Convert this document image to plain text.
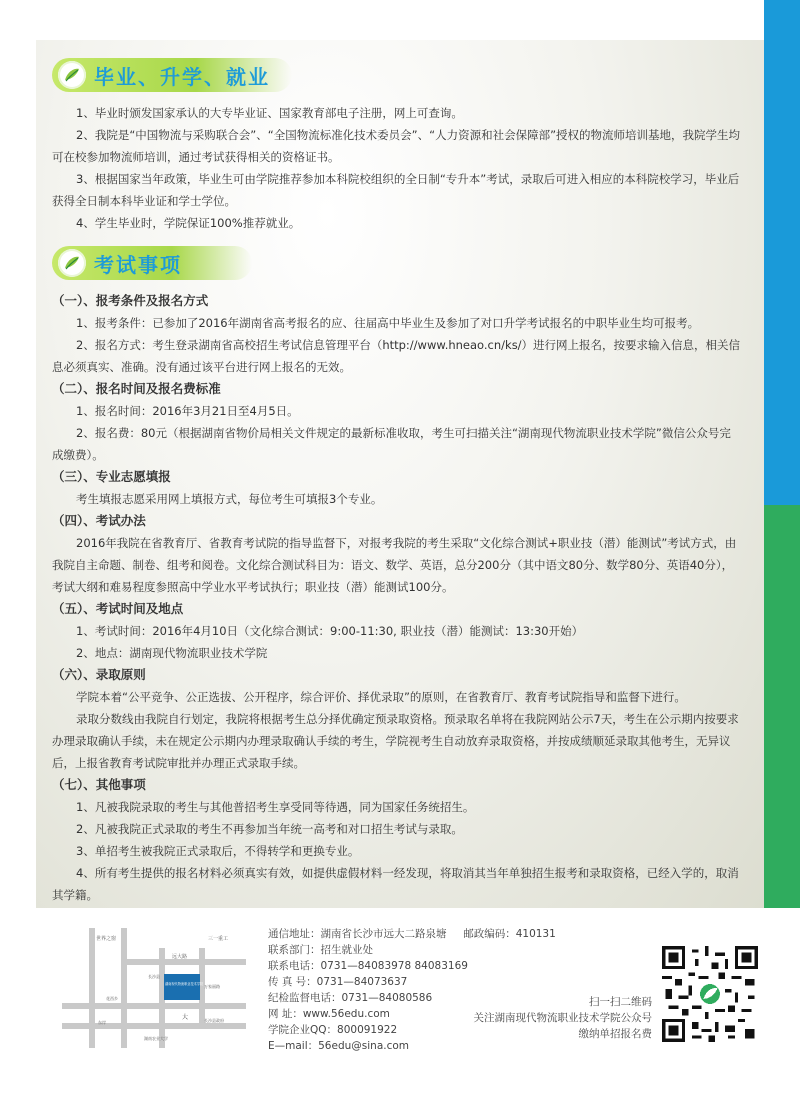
毕业、升学、就业

1、毕业时颁发国家承认的大专毕业证、国家教育部电子注册，网上可查询。

2、我院是“中国物流与采购联合会”、“全国物流标准化技术委员会”、“人力资源和社会保障部”授权的物流师培训基地，我院学生均可在校参加物流师培训，通过考试获得相关的资格证书。

3、根据国家当年政策，毕业生可由学院推荐参加本科院校组织的全日制“专升本”考试，录取后可进入相应的本科院校学习，毕业后获得全日制本科毕业证和学士学位。

4、学生毕业时，学院保证100%推荐就业。

考试事项

（一）、报考条件及报名方式

1、报考条件：已参加了2016年湖南省高考报名的应、往届高中毕业生及参加了对口升学考试报名的中职毕业生均可报考。

2、报名方式：考生登录湖南省高校招生考试信息管理平台（http://www.hneao.cn/ks/）进行网上报名，按要求输入信息，相关信息必须真实、准确。没有通过该平台进行网上报名的无效。

（二）、报名时间及报名费标准

1、报名时间：2016年3月21日至4月5日。

2、报名费：80元（根据湖南省物价局相关文件规定的最新标准收取，考生可扫描关注“湖南现代物流职业技术学院”微信公众号完成缴费）。

（三）、专业志愿填报

考生填报志愿采用网上填报方式，每位考生可填报3个专业。

（四）、考试办法

2016年我院在省教育厅、省教育考试院的指导监督下，对报考我院的考生采取“文化综合测试+职业技（潜）能测试”考试方式，由我院自主命题、制卷、组考和阅卷。文化综合测试科目为：语文、数学、英语，总分200分（其中语文80分、数学80分、英语40分），考试大纲和难易程度参照高中学业水平考试执行；职业技（潜）能测试100分。

（五）、考试时间及地点

1、考试时间：2016年4月10日（文化综合测试：9:00-11:30, 职业技（潜）能测试：13:30开始）

2、地点：湖南现代物流职业技术学院

（六）、录取原则

学院本着“公平竞争、公正选拔、公开程序，综合评价、择优录取”的原则，在省教育厅、教育考试院指导和监督下进行。

录取分数线由我院自行划定，我院将根据考生总分择优确定预录取资格。预录取名单将在我院网站公示7天，考生在公示期内按要求办理录取确认手续，未在规定公示期内办理录取确认手续的考生，学院视考生自动放弃录取资格，并按成绩顺延录取其他考生，无异议后，上报省教育考试院审批并办理正式录取手续。

（七）、其他事项

1、凡被我院录取的考生与其他普招考生享受同等待遇，同为国家任务统招生。

2、凡被我院正式录取的考生不再参加当年统一高考和对口招生考试与录取。

3、单招考生被我院正式录取后，不得转学和更换专业。

4、所有考生提供的报名材料必须真实有效，如提供虚假材料一经发现，将取消其当年单独招生报考和录取资格，已经入学的，取消其学籍。

世界之窗	三一重工
远大路
湖南现代物流职业技术学院
大	长沙县政府
花西乡
东岸
湖南农业大学
长沙县
万家丽路
通信地址：湖南省长沙市远大二路泉塘 邮政编码：410131
联系部门：招生就业处
联系电话：0731—84083978 84083169
传 真 号：0731—84073637
纪检监督电话：0731—84080586
网 址：www.56edu.com
学院企业QQ：800091922
E—mail：56edu@sina.com
扫一扫二维码
关注湖南现代物流职业技术学院公众号
缴纳单招报名费
